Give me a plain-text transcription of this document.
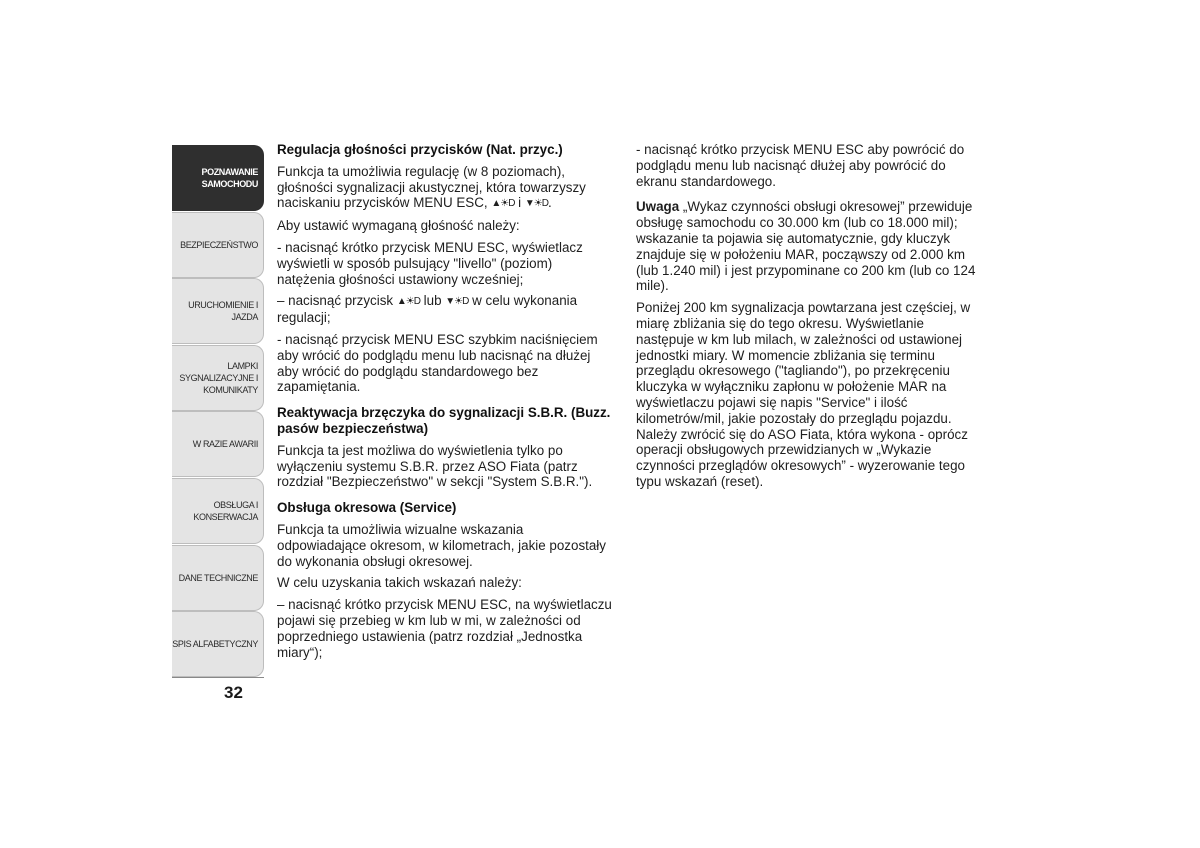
POZNAWANIE
SAMOCHODU
BEZPIECZEŃSTWO
URUCHOMIENIE I
JAZDA
LAMPKI
SYGNALIZACYJNE I
KOMUNIKATY
W RAZIE AWARII
OBSŁUGA I
KONSERWACJA
DANE TECHNICZNE
SPIS ALFABETYCZNY
32
Regulacja głośności przycisków (Nat. przyc.)

Funkcja ta umożliwia regulację (w 8 poziomach), głośności sygnalizacji akustycznej, która towarzyszy naciskaniu przycisków MENU ESC, ▲☀D i ▼☀D.

Aby ustawić wymaganą głośność należy:

- nacisnąć krótko przycisk MENU ESC, wyświetlacz wyświetli w sposób pulsujący "livello" (poziom) natężenia głośności ustawiony wcześniej;

– nacisnąć przycisk ▲☀D lub ▼☀D w celu wykonania regulacji;

- nacisnąć przycisk MENU ESC szybkim naciśnięciem aby wrócić do podglądu menu lub nacisnąć na dłużej aby wrócić do podglądu standardowego bez zapamiętania.

Reaktywacja brzęczyka do sygnalizacji S.B.R. (Buzz. pasów bezpieczeństwa)

Funkcja ta jest możliwa do wyświetlenia tylko po wyłączeniu systemu S.B.R. przez ASO Fiata (patrz rozdział "Bezpieczeństwo" w sekcji "System S.B.R.").

Obsługa okresowa (Service)

Funkcja ta umożliwia wizualne wskazania odpowiadające okresom, w kilometrach, jakie pozostały do wykonania obsługi okresowej.

W celu uzyskania takich wskazań należy:

– nacisnąć krótko przycisk MENU ESC, na wyświetlaczu pojawi się przebieg w km lub w mi, w zależności od poprzedniego ustawienia (patrz rozdział „Jednostka miary“);

- nacisnąć krótko przycisk MENU ESC aby powrócić do podglądu menu lub nacisnąć dłużej aby powrócić do ekranu standardowego.

Uwaga „Wykaz czynności obsługi okresowej” przewiduje obsługę samochodu co 30.000 km (lub co 18.000 mil); wskazanie ta pojawia się automatycznie, gdy kluczyk znajduje się w położeniu MAR, począwszy od 2.000 km (lub 1.240 mil) i jest przypominane co 200 km (lub co 124 mile).

Poniżej 200 km sygnalizacja powtarzana jest częściej, w miarę zbliżania się do tego okresu. Wyświetlanie następuje w km lub milach, w zależności od ustawionej jednostki miary. W momencie zbliżania się terminu przeglądu okresowego ("tagliando"), po przekręceniu kluczyka w wyłączniku zapłonu w położenie MAR na wyświetlaczu pojawi się napis "Service" i ilość kilometrów/mil, jakie pozostały do przeglądu pojazdu. Należy zwrócić się do ASO Fiata, która wykona - oprócz operacji obsługowych przewidzianych w „Wykazie czynności przeglądów okresowych” - wyzerowanie tego typu wskazań (reset).
